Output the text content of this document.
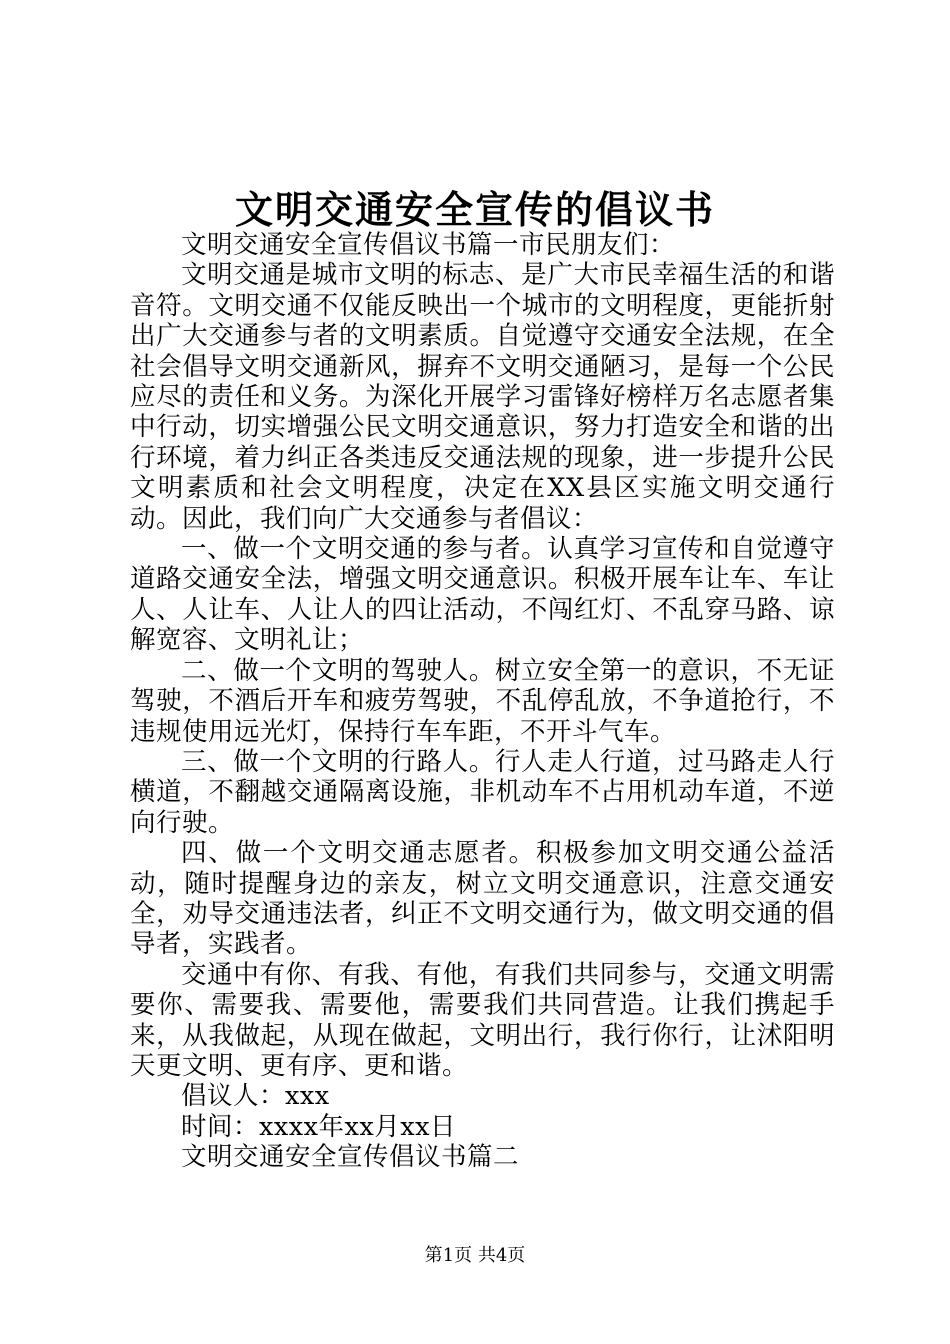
文明交通安全宣传的倡议书

文明交通安全宣传倡议书篇一市民朋友们：

文明交通是城市文明的标志、是广大市民幸福生活的和谐音符。文明交通不仅能反映出一个城市的文明程度，更能折射出广大交通参与者的文明素质。自觉遵守交通安全法规，在全社会倡导文明交通新风，摒弃不文明交通陋习，是每一个公民应尽的责任和义务。为深化开展学习雷锋好榜样万名志愿者集中行动，切实增强公民文明交通意识，努力打造安全和谐的出行环境，着力纠正各类违反交通法规的现象，进一步提升公民文明素质和社会文明程度，决定在XX县区实施文明交通行动。因此，我们向广大交通参与者倡议：

一、做一个文明交通的参与者。认真学习宣传和自觉遵守道路交通安全法，增强文明交通意识。积极开展车让车、车让人、人让车、人让人的四让活动，不闯红灯、不乱穿马路、谅解宽容、文明礼让；

二、做一个文明的驾驶人。树立安全第一的意识，不无证驾驶，不酒后开车和疲劳驾驶，不乱停乱放，不争道抢行，不违规使用远光灯，保持行车车距，不开斗气车。

三、做一个文明的行路人。行人走人行道，过马路走人行横道，不翻越交通隔离设施，非机动车不占用机动车道，不逆向行驶。

四、做一个文明交通志愿者。积极参加文明交通公益活动，随时提醒身边的亲友，树立文明交通意识，注意交通安全，劝导交通违法者，纠正不文明交通行为，做文明交通的倡导者，实践者。

交通中有你、有我、有他，有我们共同参与，交通文明需要你、需要我、需要他，需要我们共同营造。让我们携起手来，从我做起，从现在做起，文明出行，我行你行，让沭阳明天更文明、更有序、更和谐。

倡议人：xxx

时间：xxxx年xx月xx日

文明交通安全宣传倡议书篇二

第1页 共4页
